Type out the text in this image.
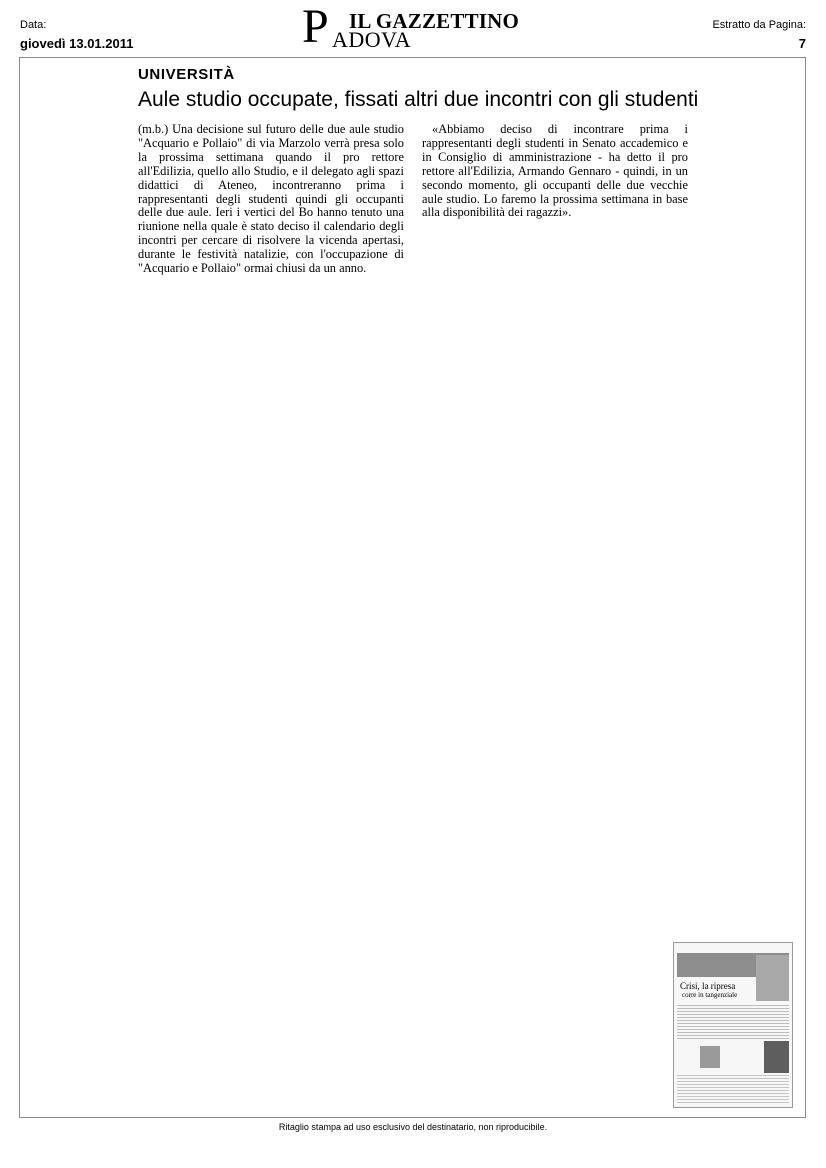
Data:
giovedì 13.01.2011	P IL GAZZETTINO
ADOVA
Estratto da Pagina:
7
UNIVERSITÀ
Aule studio occupate, fissati altri due incontri con gli studenti

(m.b.) Una decisione sul futuro delle due aule studio "Acquario e Pollaio" di via Marzolo verrà presa solo la prossima settimana quando il pro rettore all'Edilizia, quello allo Studio, e il delegato agli spazi didattici di Ateneo, incontreranno prima i rappresentanti degli studenti quindi gli occupanti delle due aule. Ieri i vertici del Bo hanno tenuto una riunione nella quale è stato deciso il calendario degli incontri per cercare di risolvere la vicenda apertasi, durante le festività natalizie, con l'occupazione di "Acquario e Pollaio" ormai chiusi da un anno.

«Abbiamo deciso di incontrare prima i rappresentanti degli studenti in Senato accademico e in Consiglio di amministrazione - ha detto il pro rettore all'Edilizia, Armando Gennaro - quindi, in un secondo momento, gli occupanti delle due vecchie aule studio. Lo faremo la prossima settimana in base alla disponibilità dei ragazzi».

Crisi, la ripresa
corre in tangenziale
Ritaglio stampa ad uso esclusivo del destinatario, non riproducibile.
